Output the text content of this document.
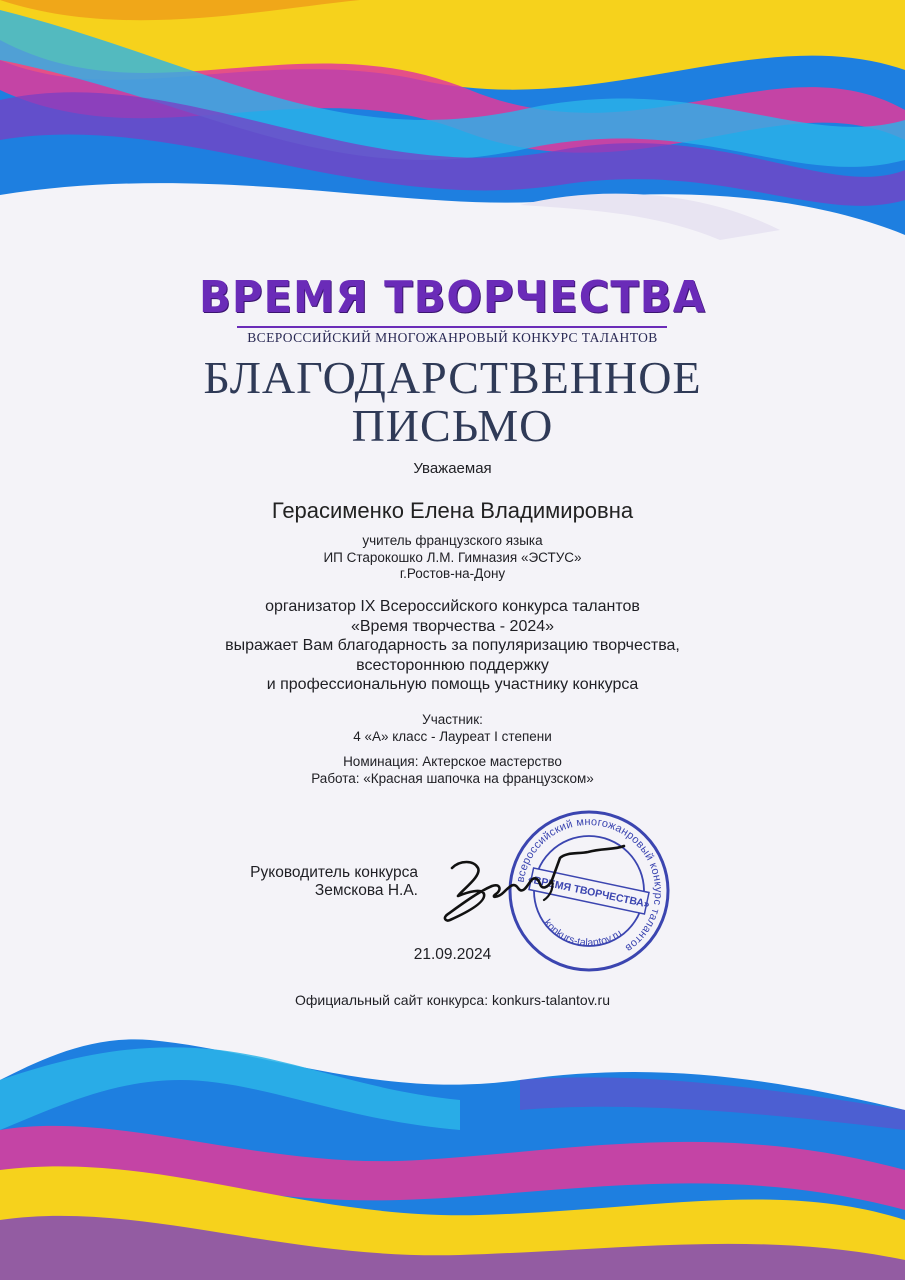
ВРЕМЯ ТВОРЧЕСТВА
ВСЕРОССИЙСКИЙ МНОГОЖАНРОВЫЙ КОНКУРС ТАЛАНТОВ
БЛАГОДАРСТВЕННОЕ
ПИСЬМО
Уважаемая
Герасименко Елена Владимировна
учитель французского языка
ИП Старокошко Л.М. Гимназия «ЭСТУС»
г.Ростов-на-Дону
организатор IX Всероссийского конкурса талантов
«Время творчества - 2024»
выражает Вам благодарность за популяризацию творчества,
всестороннюю поддержку
и профессиональную помощь участнику конкурса
Участник:
4 «А» класс - Лауреат I степени
Номинация: Актерское мастерство
Работа: «Красная шапочка на французском»
Руководитель конкурса
Земскова Н.А.
всероссийский многожанровый конкурс талантов
konkurs-talantov.ru
«ВРЕМЯ ТВОРЧЕСТВА»
21.09.2024
Официальный сайт конкурса: konkurs-talantov.ru
